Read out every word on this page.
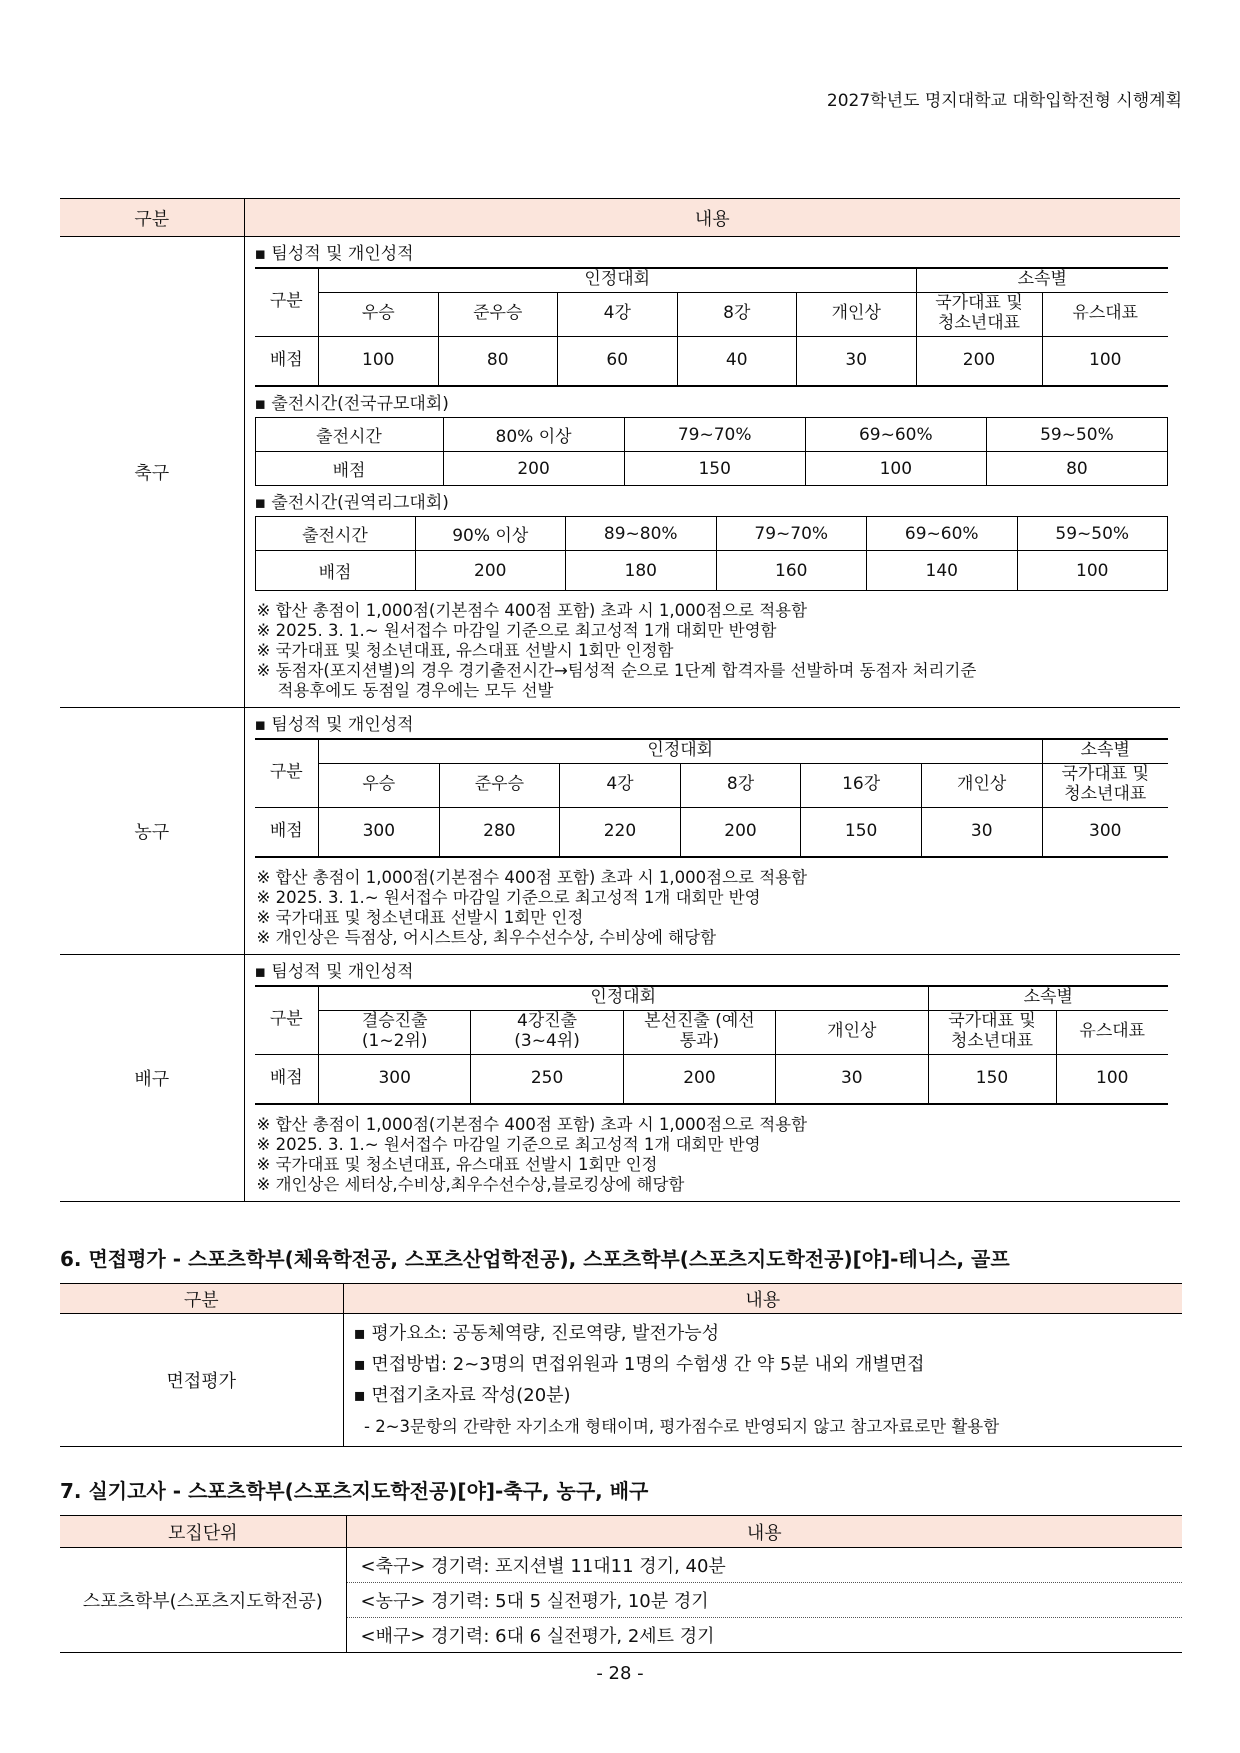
2027학년도 명지대학교 대학입학전형 시행계획
구분	내용
축구	
▪ 팀성적 및 개인성적
구분	인정대회	소속별
우승	준우승	4강	8강	개인상	국가대표 및 청소년대표	유스대표
배점	100	80	60	40	30	200	100
▪ 출전시간(전국규모대회)
출전시간	80% 이상	79~70%	69~60%	59~50%
배점	200	150	100	80
▪ 출전시간(권역리그대회)
출전시간	90% 이상	89~80%	79~70%	69~60%	59~50%
배점	200	180	160	140	100
※ 합산 총점이 1,000점(기본점수 400점 포함) 초과 시 1,000점으로 적용함
※ 2025. 3. 1.~ 원서접수 마감일 기준으로 최고성적 1개 대회만 반영함
※ 국가대표 및 청소년대표, 유스대표 선발시 1회만 인정함
※ 동점자(포지션별)의 경우 경기출전시간→팀성적 순으로 1단계 합격자를 선발하며 동점자 처리기준
적용후에도 동점일 경우에는 모두 선발

농구	
▪ 팀성적 및 개인성적
구분	인정대회	소속별
우승	준우승	4강	8강	16강	개인상	국가대표 및 청소년대표
배점	300	280	220	200	150	30	300
※ 합산 총점이 1,000점(기본점수 400점 포함) 초과 시 1,000점으로 적용함
※ 2025. 3. 1.~ 원서접수 마감일 기준으로 최고성적 1개 대회만 반영
※ 국가대표 및 청소년대표 선발시 1회만 인정
※ 개인상은 득점상, 어시스트상, 최우수선수상, 수비상에 해당함

배구	
▪ 팀성적 및 개인성적
구분	인정대회	소속별
결승진출 (1~2위)	4강진출 (3~4위)	본선진출 (예선통과)	개인상	국가대표 및 청소년대표	유스대표
배점	300	250	200	30	150	100
※ 합산 총점이 1,000점(기본점수 400점 포함) 초과 시 1,000점으로 적용함
※ 2025. 3. 1.~ 원서접수 마감일 기준으로 최고성적 1개 대회만 반영
※ 국가대표 및 청소년대표, 유스대표 선발시 1회만 인정
※ 개인상은 세터상,수비상,최우수선수상,블로킹상에 해당함
6. 면접평가 - 스포츠학부(체육학전공, 스포츠산업학전공), 스포츠학부(스포츠지도학전공)[야]-테니스, 골프
구분	내용
면접평가	▪ 평가요소: 공동체역량, 진로역량, 발전가능성
▪ 면접방법: 2~3명의 면접위원과 1명의 수험생 간 약 5분 내외 개별면접
▪ 면접기초자료 작성(20분)
- 2~3문항의 간략한 자기소개 형태이며, 평가점수로 반영되지 않고 참고자료로만 활용함
7. 실기고사 - 스포츠학부(스포츠지도학전공)[야]-축구, 농구, 배구
모집단위	내용
스포츠학부(스포츠지도학전공)	<축구> 경기력: 포지션별 11대11 경기, 40분
	<농구> 경기력: 5대 5 실전평가, 10분 경기
	<배구> 경기력: 6대 6 실전평가, 2세트 경기
- 28 -
